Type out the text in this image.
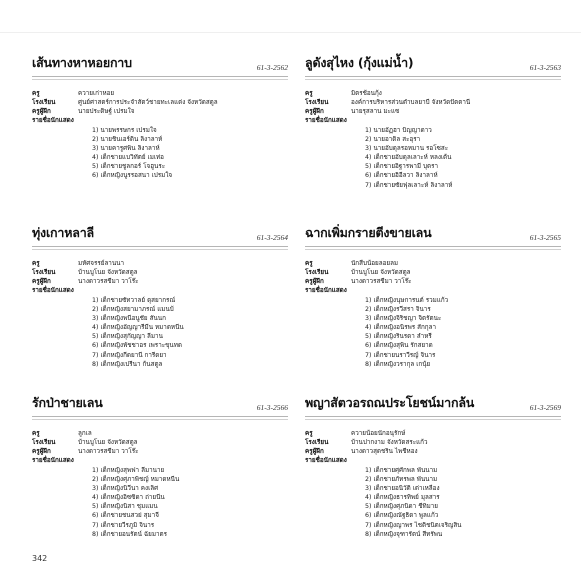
เส้นทางหาหอยกาบ	61-3-2562
ครู	ควายเก่าหอย
โรงเรียน	ศูนย์ศาสตร์การประจำสัตว์ชายทะเลแต่ง จังหวัดสตูล
ครูผู้ฝึก	นายประดิษฐ์ เปรมใจ
รายชื่อนักแสดง
1) นายพรรษกร เปรมใจ
2) นายชินเอร์ดิน ลิงาลาห์
3) นายคารูศพิน ลิงาลาห์
4) เด็กชายแบวิทัตย์ เมเท่อ
5) เด็กชายชูลกอร์ โจฮูนระ
6) เด็กหญิงนูรรอสนา เปรมใจ
ลูดังสุไหง (กุ้งแม่น้ำ)	61-3-2563
ครู	มิตรช้อนกุ้ง
โรงเรียน	องค์การบริหารส่วนตำบลยาบี จังหวัดปัตตานี
ครูผู้ฝึก	นายรุสลาน มะแซ
รายชื่อนักแสดง
1) นายอัฏฮา บิญญาดาว
2) นายอาดิล สะอุรา
3) นายอับดุลรอหมาน รอโซสะ
4) เด็กชายอับดุลเลาะห์ หลงเต้น
5) เด็กชายอิฐารพามี บุตรา
6) เด็กชายฮิอีลวา ลิงาลาห์
7) เด็กชายซัยฟุลเลาะห์ ลิงาลาห์
ทุ่งเกาหลาลี	61-3-2564
ครู	มหัศจรรย์ลานนา
โรงเรียน	บ้านบูโนย จังหวัดสตูล
ครูผู้ฝึก	นางดาวรสชีมา วาโร๊ะ
รายชื่อนักแสดง
1) เด็กชายซัทวาลย์ ดุสยากรณ์
2) เด็กหญิงสยามาภรณ์ แมนบ้
3) เด็กหญิงพนีอนูชัย สันนก
4) เด็กหญิงอัญญารีมีน หมาดหนีน
5) เด็กหญิงสุกัญญา ลีมาน
6) เด็กหญิงพัชชาอร เพราะขุนทด
7) เด็กหญิงกีดยานี การีดยา
8) เด็กหญิงเปรีนา ก้นสตูล
ฉากเพิ่มกรายตีงขายเลน	61-3-2565
ครู	นักสืบน้อยลอยลม
โรงเรียน	บ้านบูโนย จังหวัดสตูล
ครูผู้ฝึก	นางดาวรสชีมา วาโร๊ะ
รายชื่อนักแสดง
1) เด็กหญิงนุษการนต์ รวมแก้ว
2) เด็กหญิงรวีสรา จินาร
3) เด็กหญิงจิริชญา จิตรัตนะ
4) เด็กหญิงอนิรพร สักกุลา
5) เด็กหญิงรินรดา ลำหรี
6) เด็กหญิงสุพิน รักสยาด
7) เด็กชายนราวีรญ์ จินาร
8) เด็กหญิงวรากุล เกนุ้ย
รักป่าชายเลน	61-3-2566
ครู	ลูกเล
โรงเรียน	บ้านบูโนย จังหวัดสตูล
ครูผู้ฝึก	นางดาวรสชีมา วาโร๊ะ
รายชื่อนักแสดง
1) เด็กหญิงสุพฟา ลีมานาย
2) เด็กหญิงศุภาพิชญ์ หมาดหนีน
3) เด็กหญิงนิวีนา คงเลิศ
4) เด็กหญิงอิซซิดา ถ่ายนีน
5) เด็กหญิงนิสา ชุมแมน
6) เด็กชายชนสวย่ สุมาจี
7) เด็กชายวีรภูมิ จินาร
8) เด็กชายอนรัตน์ ฉัยมาตร
พญาสัตวอรถณประโยชน์มากล้น	61-3-2569
ครู	ควายน้อยนักอนุรักษ์
โรงเรียน	บ้านปากงาม จังหวัดสระแก้ว
ครูผู้ฝึก	นางดาวสุดชริน ไพชีหอง
รายชื่อนักแสดง
1) เด็กชายศุศักพล พันนาม
2) เด็กชายภัทรพล พันนาม
3) เด็กชายอนิวัติ เต่าเหลือง
4) เด็กหญิงธารทิพย์ มุลสาร
5) เด็กหญิงศุภนิดา ชีทิมาย
6) เด็กหญิงณัฐธิดา พูลแก้ว
7) เด็กหญิงญาพร ไชติชนิตเจริญสิน
8) เด็กหญิงจุฑารัตน์ สีทรัพน
342
